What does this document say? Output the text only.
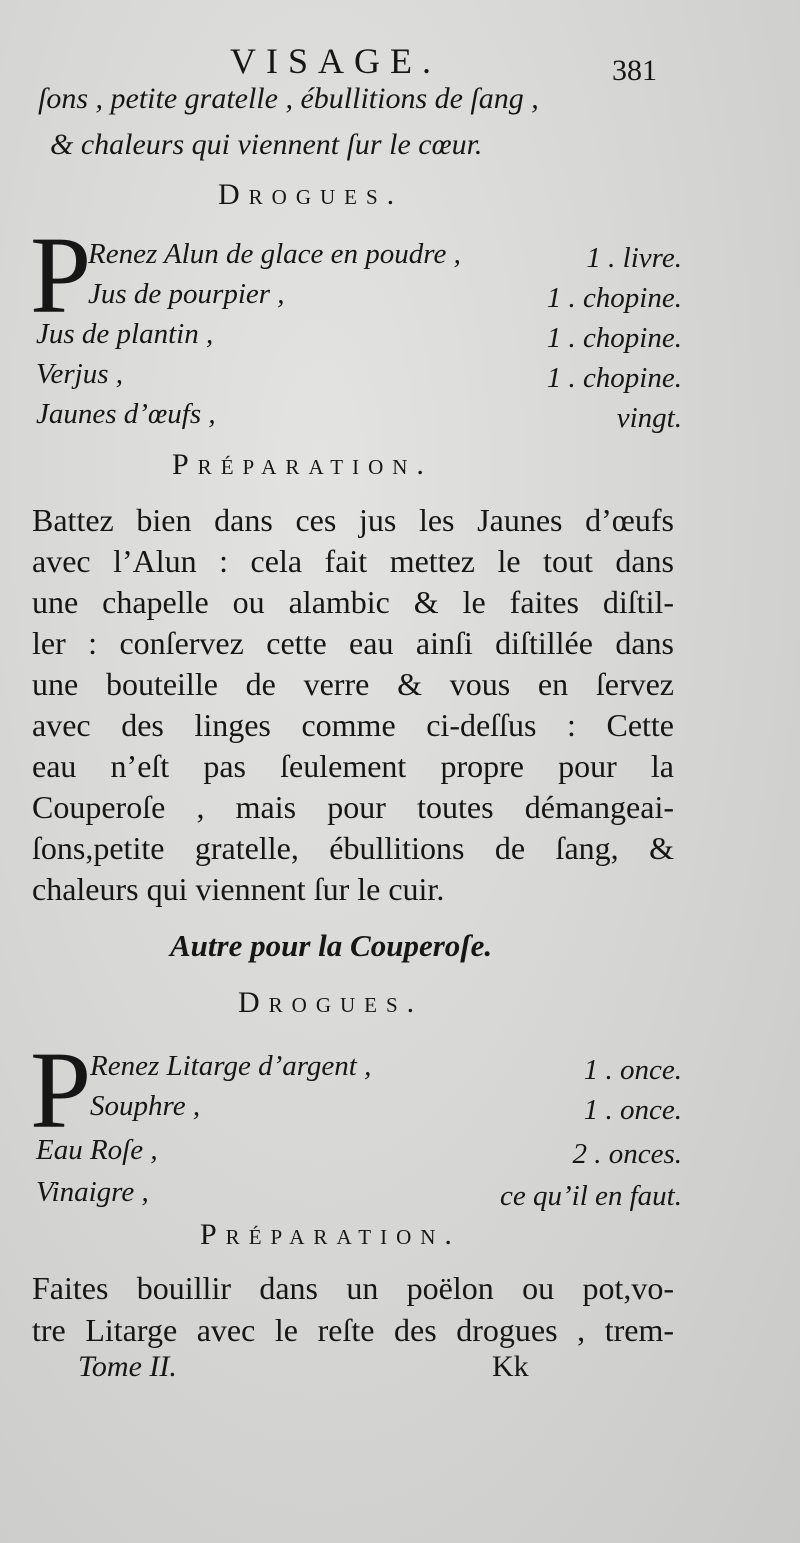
VISAGE.	381
ſons , petite gratelle , ébullitions de ſang ,
& chaleurs qui viennent ſur le cœur.
Drogues.
P
Renez Alun de glace en poudre ,	1 . livre.
Jus de pourpier ,	1 . chopine.
Jus de plantin ,	1 . chopine.
Verjus ,	1 . chopine.
Jaunes d’œufs ,	vingt.
Préparation.
Battez bien dans ces jus les Jaunes d’œufs
avec l’Alun : cela fait mettez le tout dans
une chapelle ou alambic & le faites diſtil-
ler : conſervez cette eau ainſi diſtillée dans
une bouteille de verre & vous en ſervez
avec des linges comme ci-deſſus : Cette
eau n’eſt pas ſeulement propre pour la
Couperoſe , mais pour toutes démangeai-
ſons,petite gratelle, ébullitions de ſang, &
chaleurs qui viennent ſur le cuir.
Autre pour la Couperoſe.
Drogues.
P
Renez Litarge d’argent ,	1 . once.
Souphre ,	1 . once.
Eau Roſe ,	2 . onces.
Vinaigre ,	ce qu’il en faut.
Préparation.
Faites bouillir dans un poëlon ou pot,vo-
tre Litarge avec le reſte des drogues , trem-
Tome II.	Kk
